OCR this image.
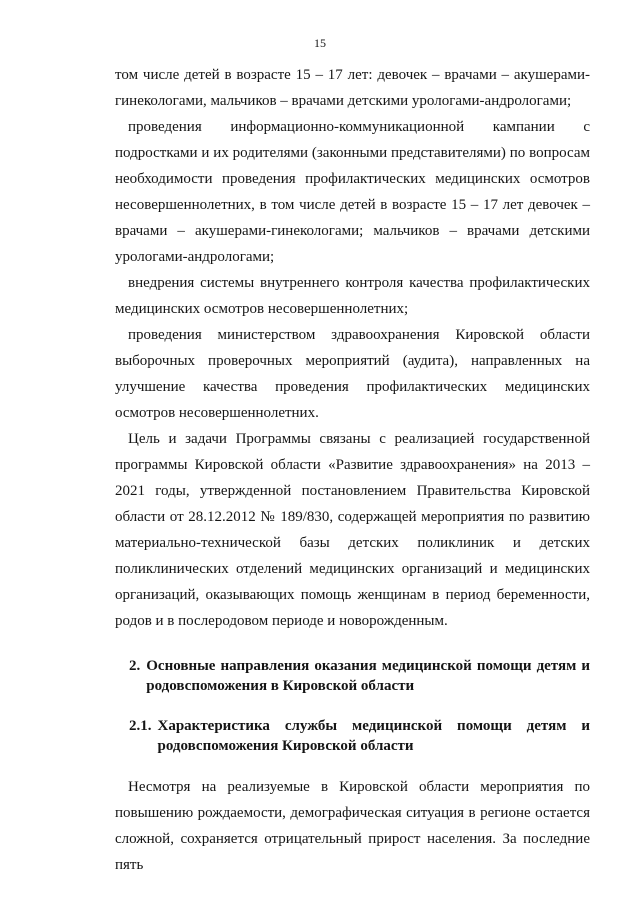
15

том числе детей в возрасте 15 – 17 лет: девочек – врачами – акушерами-гинекологами, мальчиков – врачами детскими урологами-андрологами;

проведения информационно-коммуникационной кампании с подростками и их родителями (законными представителями) по вопросам необходимости проведения профилактических медицинских осмотров несовершеннолетних, в том числе детей в возрасте 15 – 17 лет девочек – врачами – акушерами-гинекологами; мальчиков – врачами детскими урологами-андрологами;

внедрения системы внутреннего контроля качества профилактических медицинских осмотров несовершеннолетних;

проведения министерством здравоохранения Кировской области выборочных проверочных мероприятий (аудита), направленных на улучшение качества проведения профилактических медицинских осмотров несовершеннолетних.

Цель и задачи Программы связаны с реализацией государственной программы Кировской области «Развитие здравоохранения» на 2013 – 2021 годы, утвержденной постановлением Правительства Кировской области от 28.12.2012 № 189/830, содержащей мероприятия по развитию материально-технической базы детских поликлиник и детских поликлинических отделений медицинских организаций и медицинских организаций, оказывающих помощь женщинам в период беременности, родов и в послеродовом периоде и новорожденным.

2. Основные направления оказания медицинской помощи детям и родовспоможения в Кировской области
2.1. Характеристика службы медицинской помощи детям и родовспоможения Кировской области

Несмотря на реализуемые в Кировской области мероприятия по повышению рождаемости, демографическая ситуация в регионе остается сложной, сохраняется отрицательный прирост населения. За последние пять
